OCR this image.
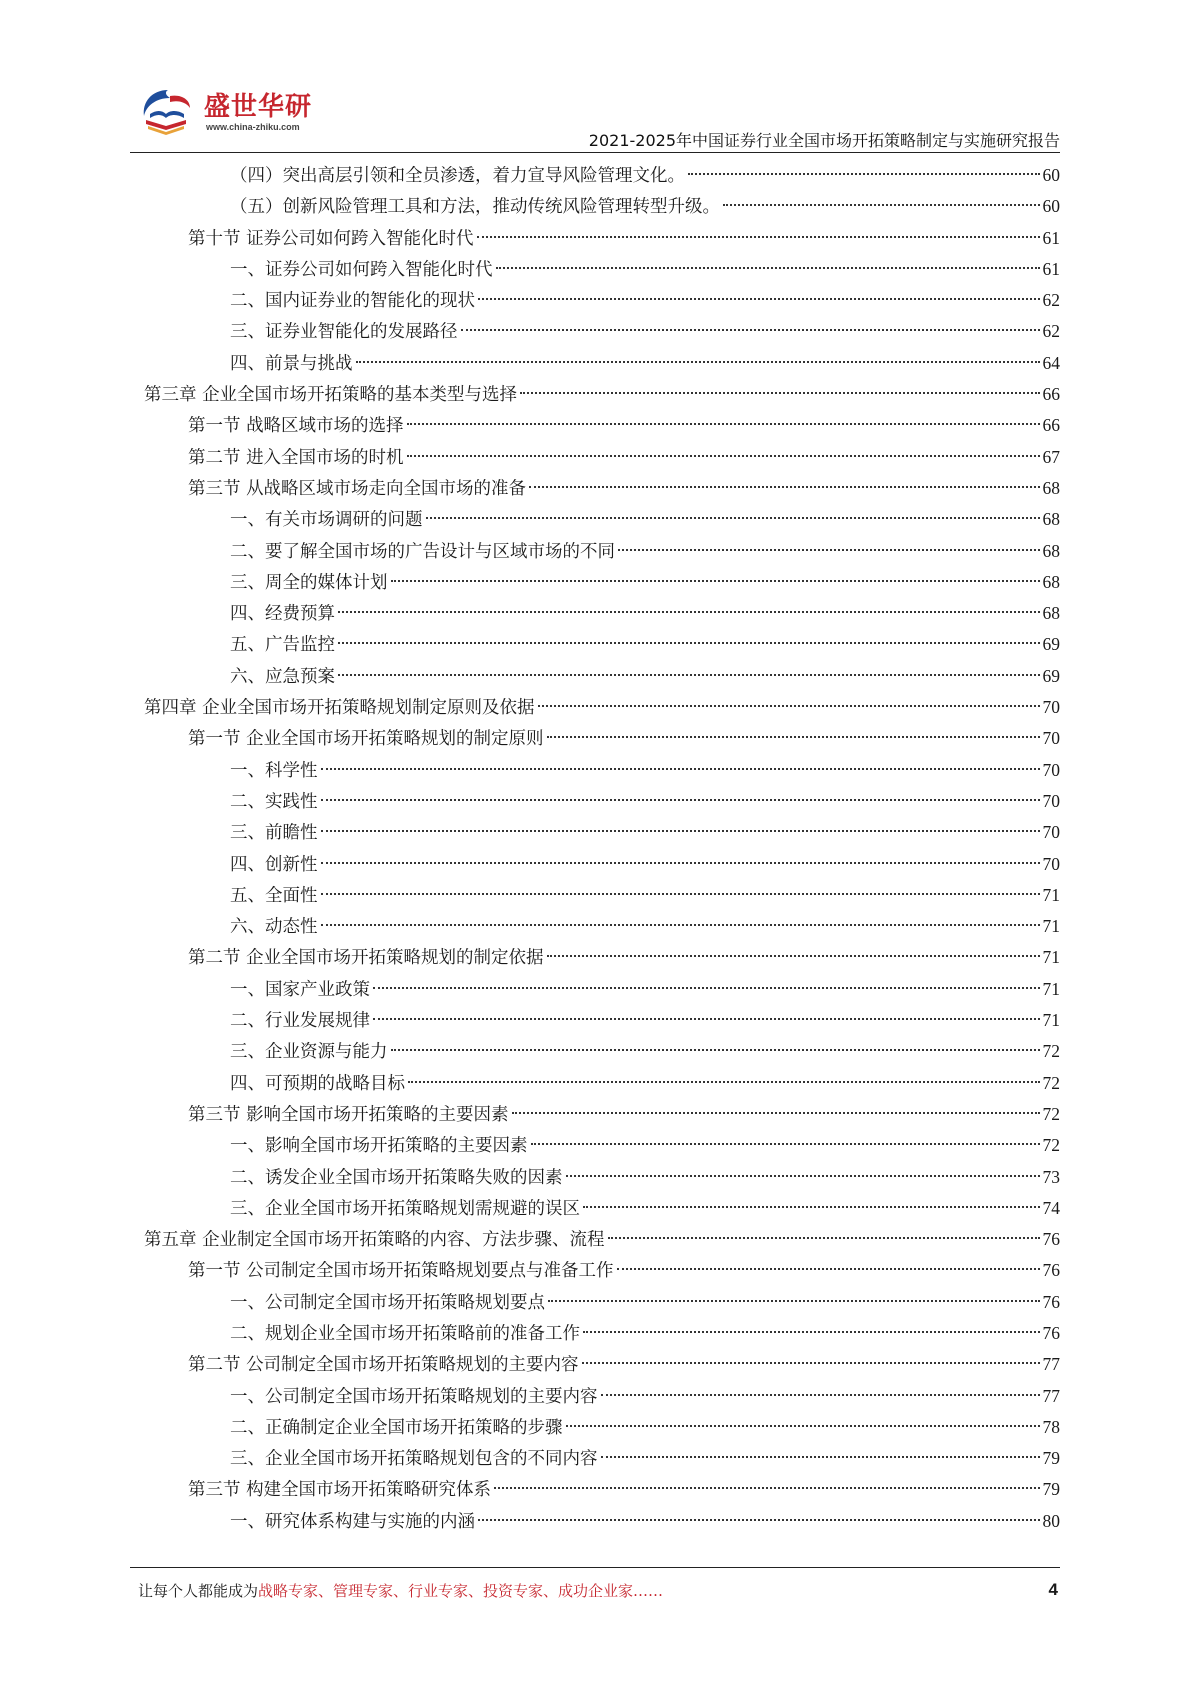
盛世华研
www.china-zhiku.com
2021-2025年中国证券行业全国市场开拓策略制定与实施研究报告
（四）突出高层引领和全员渗透，着力宣导风险管理文化。	60
（五）创新风险管理工具和方法，推动传统风险管理转型升级。	60
第十节 证券公司如何跨入智能化时代	61
一、证券公司如何跨入智能化时代	61
二、国内证券业的智能化的现状	62
三、证券业智能化的发展路径	62
四、前景与挑战	64
第三章 企业全国市场开拓策略的基本类型与选择	66
第一节 战略区域市场的选择	66
第二节 进入全国市场的时机	67
第三节 从战略区域市场走向全国市场的准备	68
一、有关市场调研的问题	68
二、要了解全国市场的广告设计与区域市场的不同	68
三、周全的媒体计划	68
四、经费预算	68
五、广告监控	69
六、应急预案	69
第四章 企业全国市场开拓策略规划制定原则及依据	70
第一节 企业全国市场开拓策略规划的制定原则	70
一、科学性	70
二、实践性	70
三、前瞻性	70
四、创新性	70
五、全面性	71
六、动态性	71
第二节 企业全国市场开拓策略规划的制定依据	71
一、国家产业政策	71
二、行业发展规律	71
三、企业资源与能力	72
四、可预期的战略目标	72
第三节 影响全国市场开拓策略的主要因素	72
一、影响全国市场开拓策略的主要因素	72
二、诱发企业全国市场开拓策略失败的因素	73
三、企业全国市场开拓策略规划需规避的误区	74
第五章 企业制定全国市场开拓策略的内容、方法步骤、流程	76
第一节 公司制定全国市场开拓策略规划要点与准备工作	76
一、公司制定全国市场开拓策略规划要点	76
二、规划企业全国市场开拓策略前的准备工作	76
第二节 公司制定全国市场开拓策略规划的主要内容	77
一、公司制定全国市场开拓策略规划的主要内容	77
二、正确制定企业全国市场开拓策略的步骤	78
三、企业全国市场开拓策略规划包含的不同内容	79
第三节 构建全国市场开拓策略研究体系	79
一、研究体系构建与实施的内涵	80
让每个人都能成为战略专家、管理专家、行业专家、投资专家、成功企业家……	4
